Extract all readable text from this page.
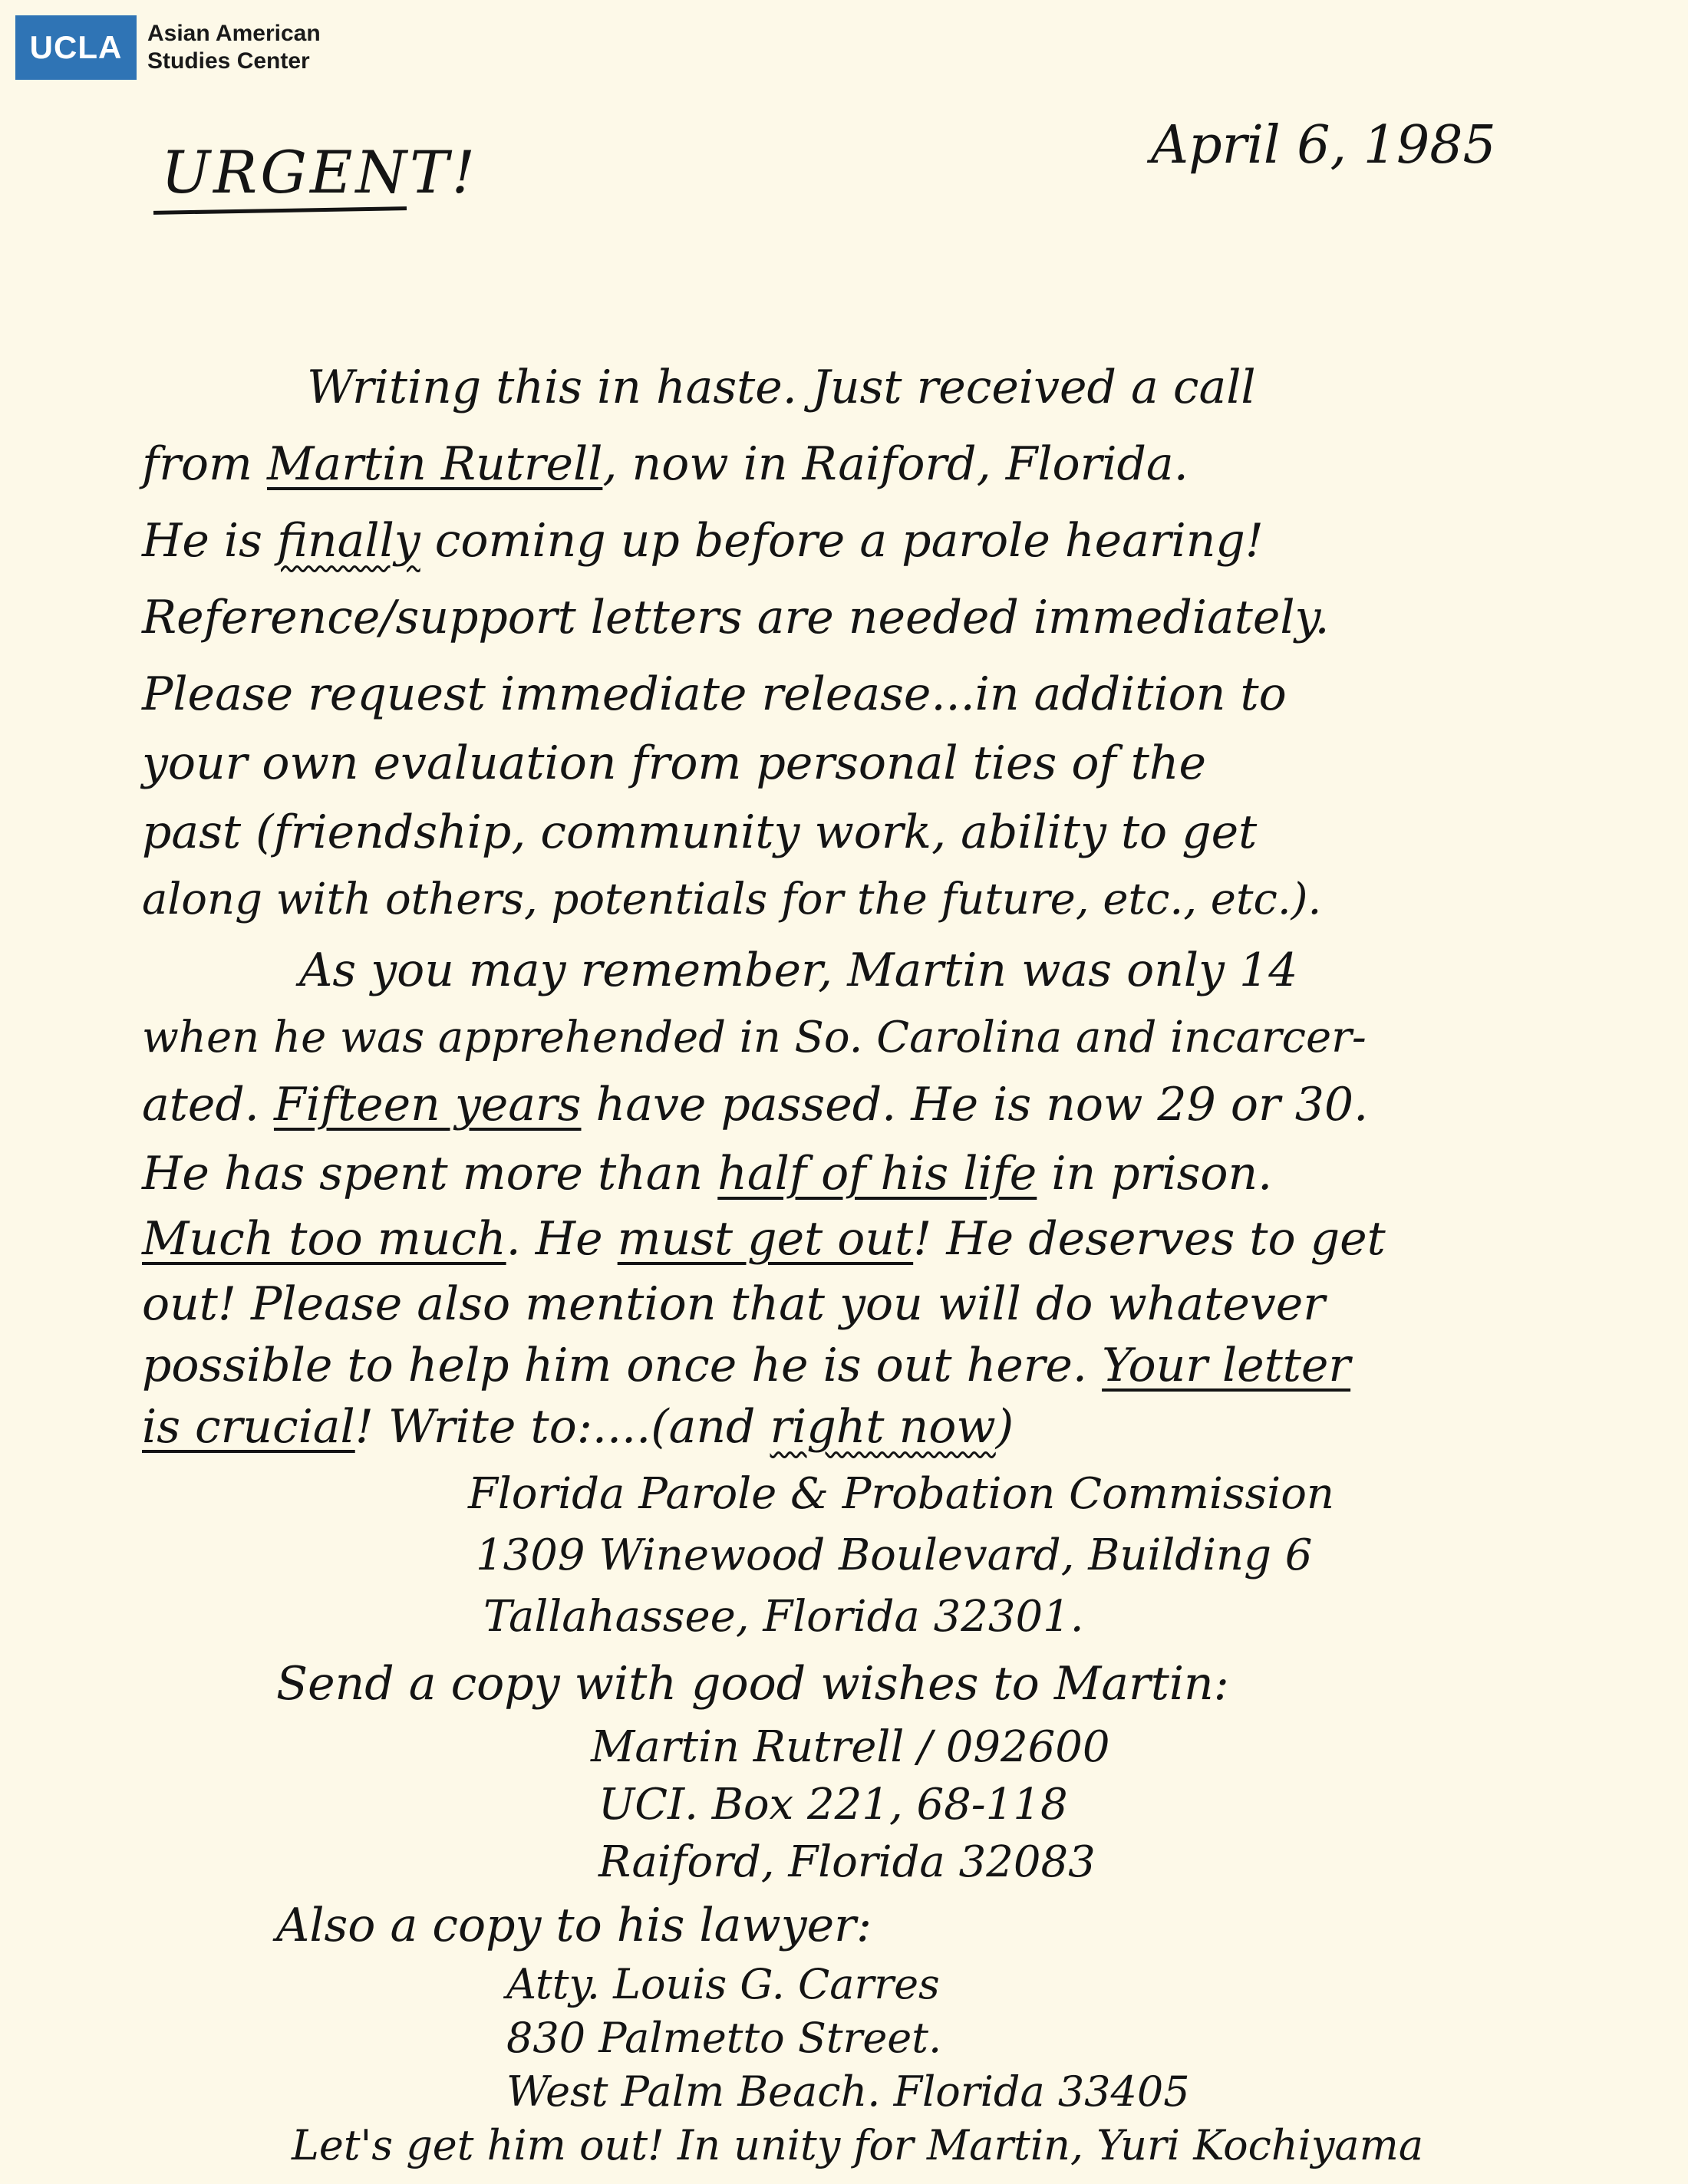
UCLA	Asian American
Studies Center
URGENT!	April 6, 1985
Writing this in haste. Just received a call
from Martin Rutrell, now in Raiford, Florida.
He is finally coming up before a parole hearing!
Reference/support letters are needed immediately.
Please request immediate release...in addition to
your own evaluation from personal ties of the
past (friendship, community work, ability to get
along with others, potentials for the future, etc., etc.).
As you may remember, Martin was only 14
when he was apprehended in So. Carolina and incarcer-
ated. Fifteen years have passed. He is now 29 or 30.
He has spent more than half of his life in prison.
Much too much. He must get out! He deserves to get
out! Please also mention that you will do whatever
possible to help him once he is out here. Your letter
is crucial! Write to:....(and right now)
Florida Parole & Probation Commission
1309 Winewood Boulevard, Building 6
Tallahassee, Florida 32301.
Send a copy with good wishes to Martin:
Martin Rutrell / 092600
UCI. Box 221, 68-118
Raiford, Florida 32083
Also a copy to his lawyer:
Atty. Louis G. Carres
830 Palmetto Street.
West Palm Beach. Florida 33405
Let's get him out! In unity for Martin, Yuri Kochiyama
